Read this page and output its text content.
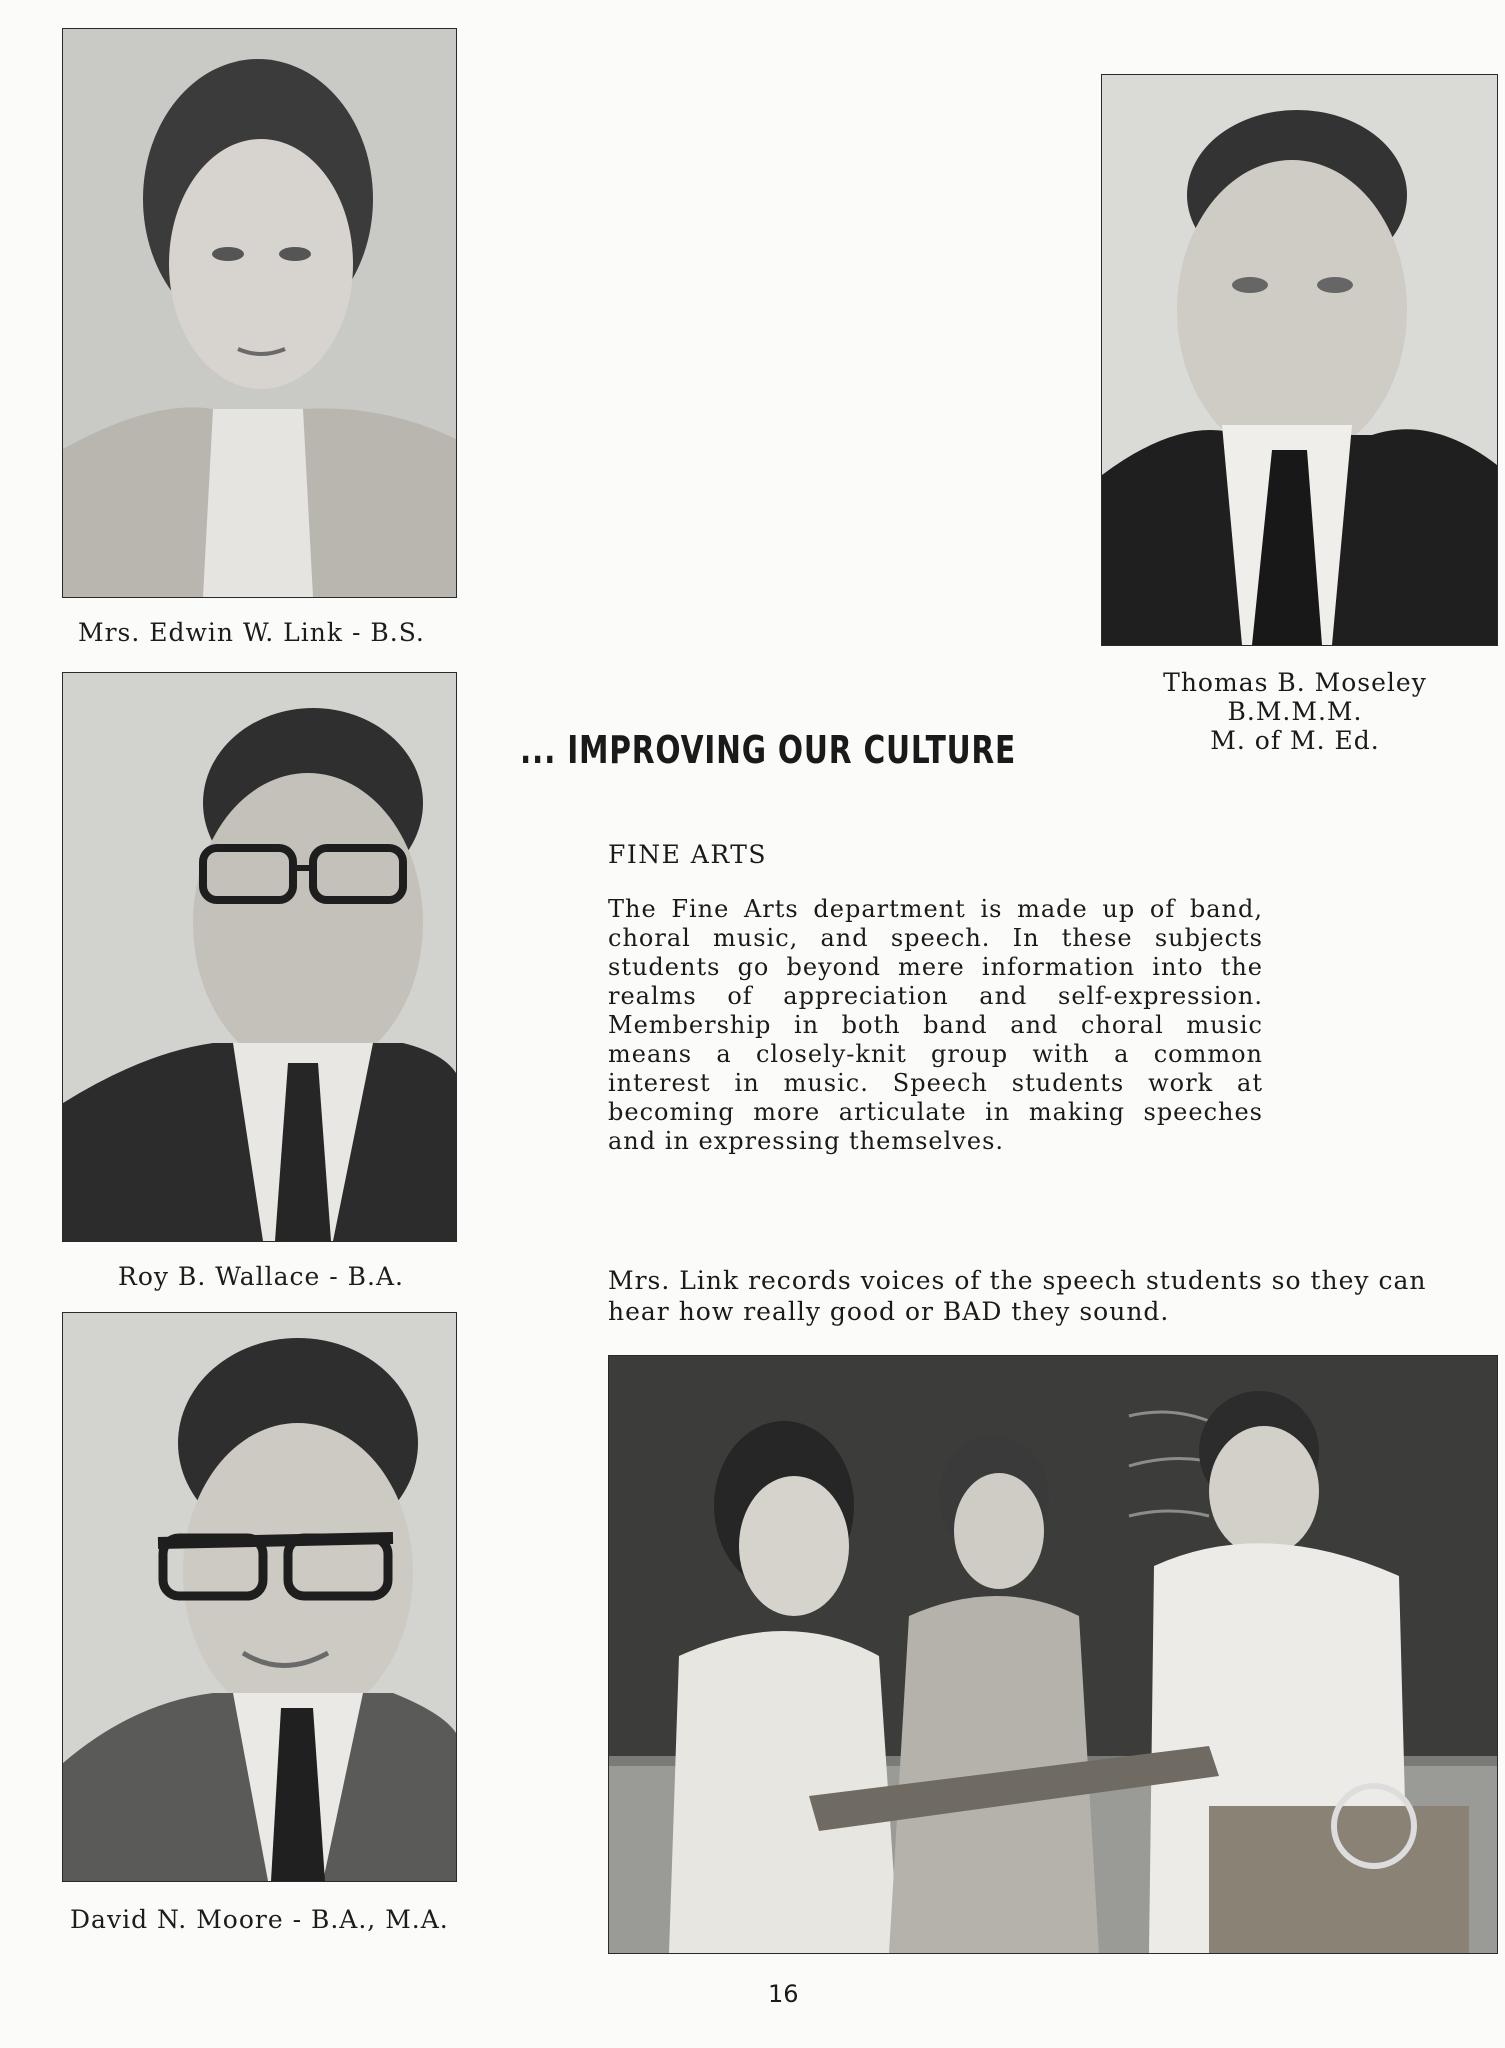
Mrs. Edwin W. Link - B.S.
Roy B. Wallace - B.A.
David N. Moore - B.A., M.A.
Thomas B. Moseley
B.M.M.M.
M. of M. Ed.
... IMPROVING OUR CULTURE
FINE ARTS

The Fine Arts department is made up of band, choral music, and speech. In these subjects students go beyond mere information into the realms of appreciation and self-expression. Membership in both band and choral music means a closely-knit group with a common interest in music. Speech students work at becoming more articulate in making speeches and in expressing themselves.

Mrs. Link records voices of the speech students so they can hear how really good or BAD they sound.

16
